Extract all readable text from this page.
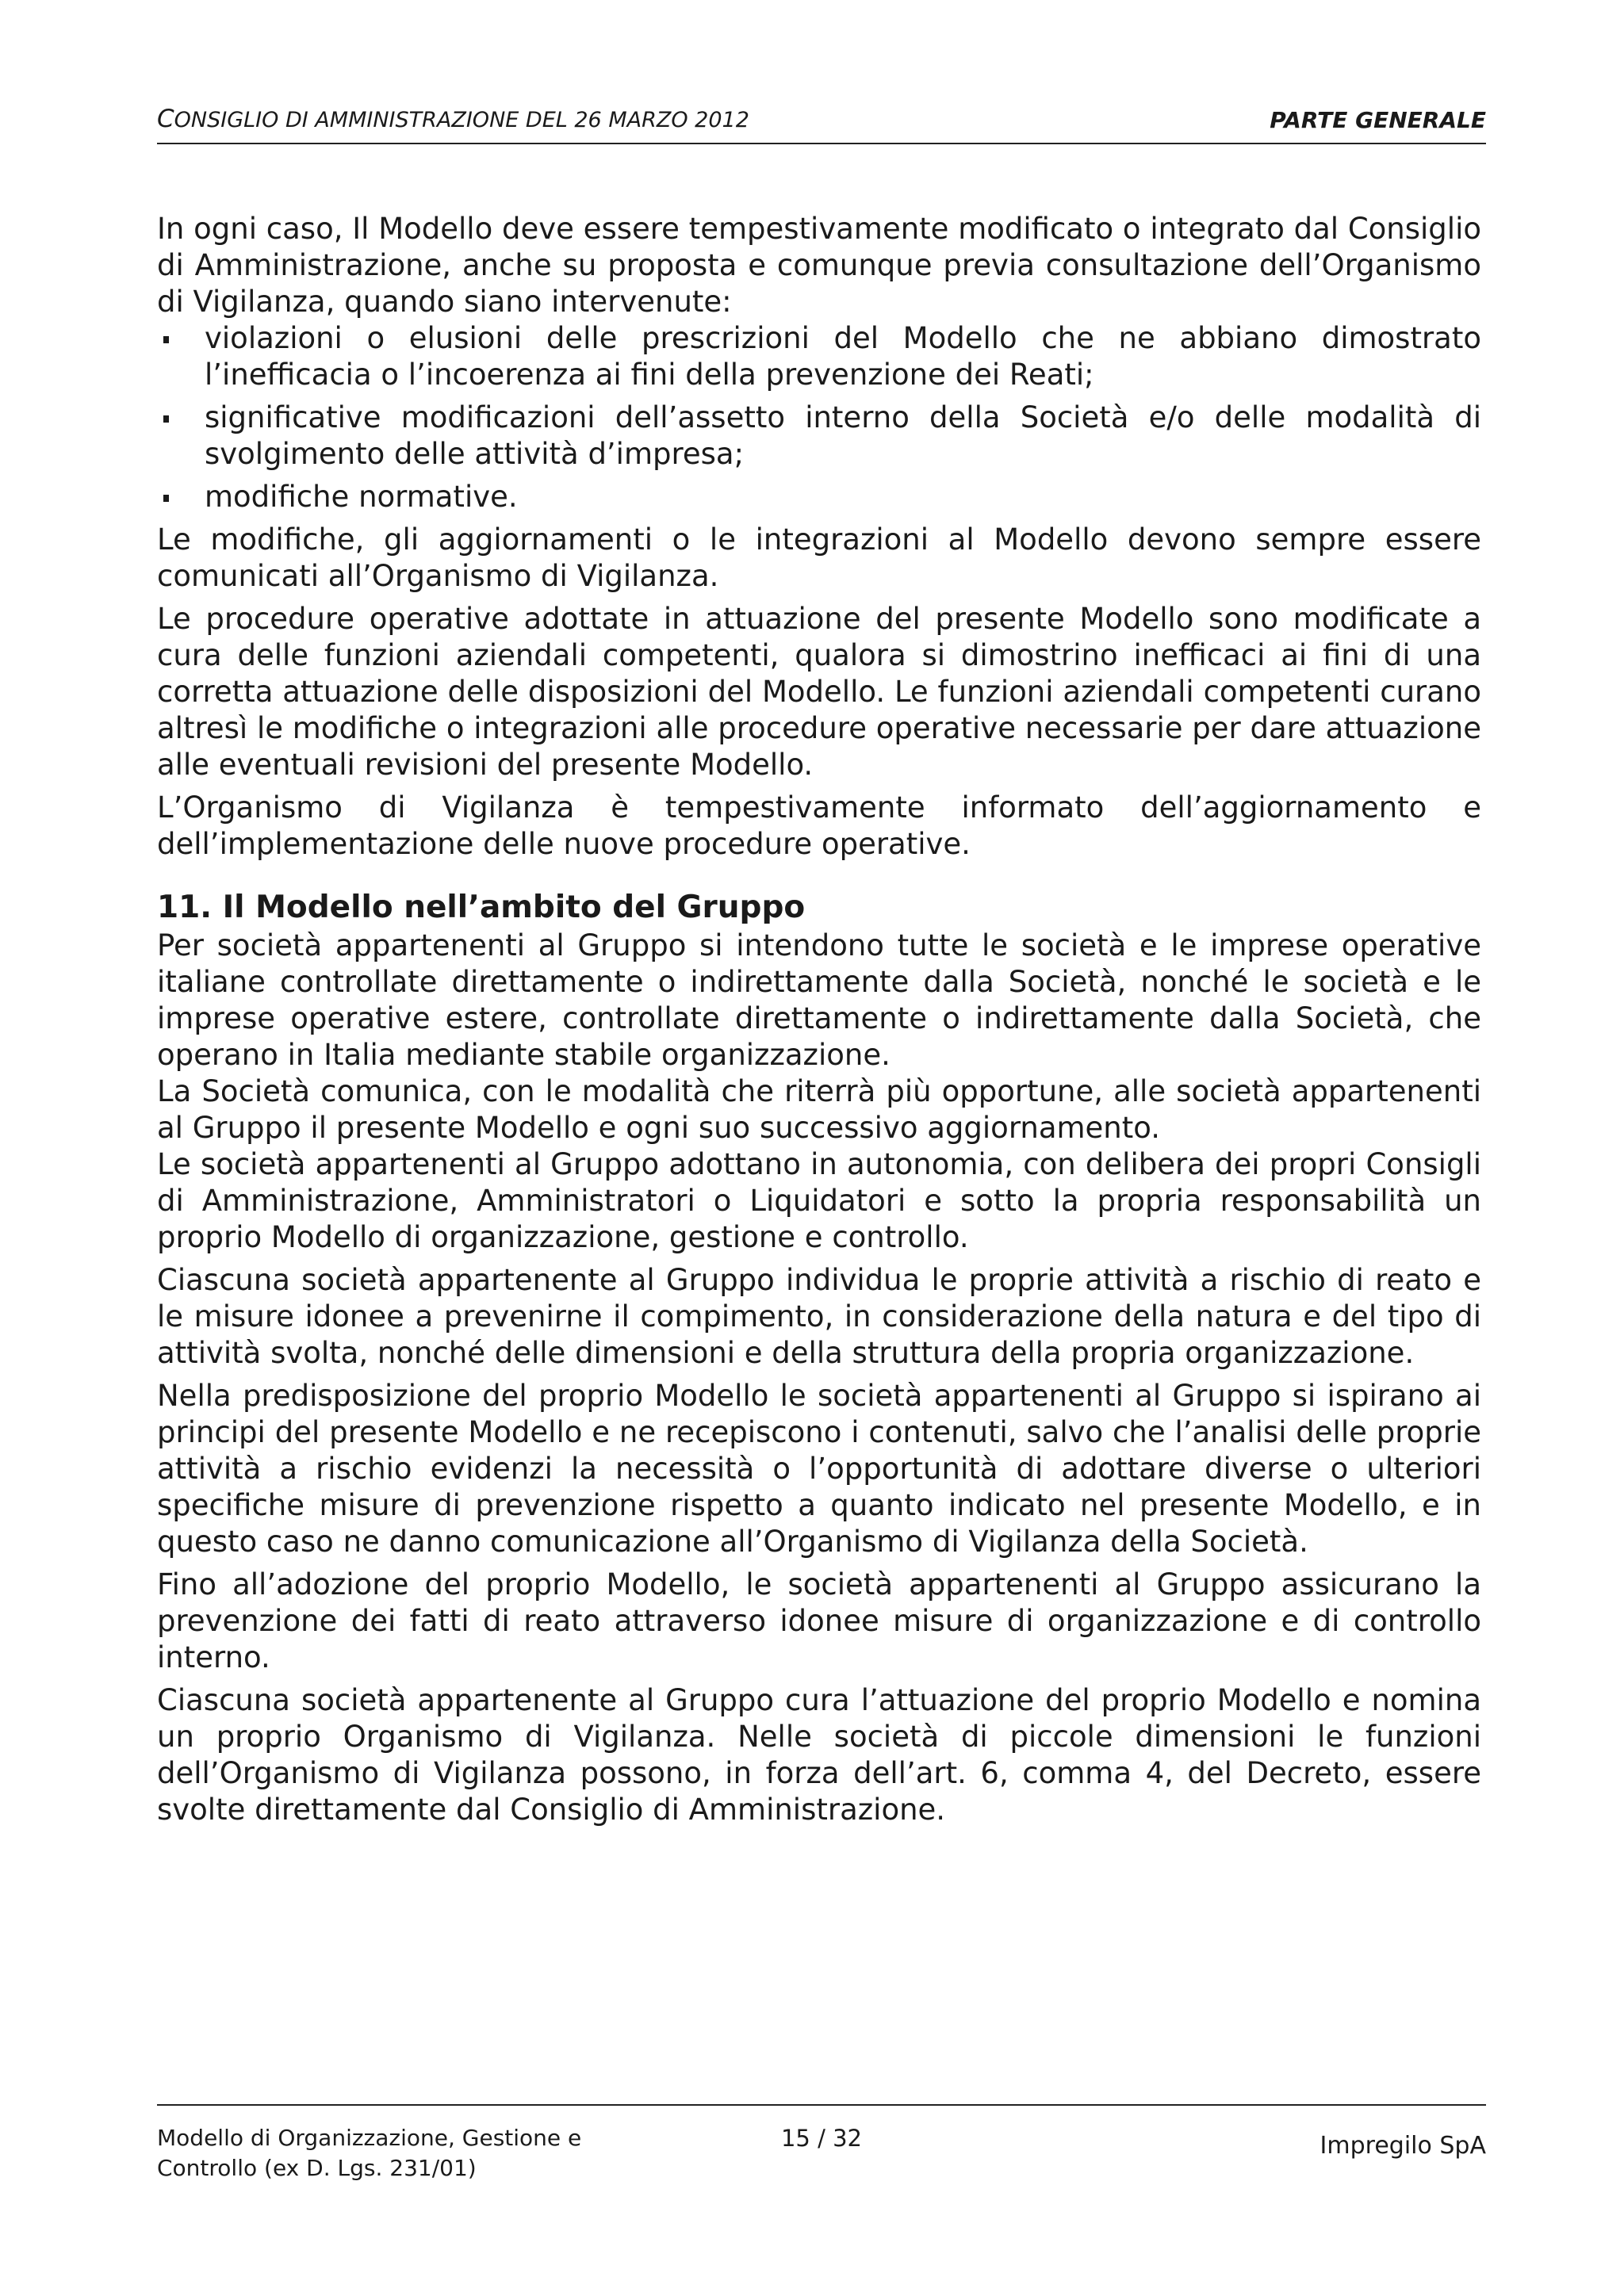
CONSIGLIO DI AMMINISTRAZIONE DEL 26 MARZO 2012	PARTE GENERALE

In ogni caso, Il Modello deve essere tempestivamente modificato o integrato dal Consiglio di Amministrazione, anche su proposta e comunque previa consultazione dell’Organismo di Vigilanza, quando siano intervenute:

violazioni o elusioni delle prescrizioni del Modello che ne abbiano dimostrato l’inefficacia o l’incoerenza ai fini della prevenzione dei Reati;
significative modificazioni dell’assetto interno della Società e/o delle modalità di svolgimento delle attività d’impresa;
modifiche normative.

Le modifiche, gli aggiornamenti o le integrazioni al Modello devono sempre essere comunicati all’Organismo di Vigilanza.

Le procedure operative adottate in attuazione del presente Modello sono modificate a cura delle funzioni aziendali competenti, qualora si dimostrino inefficaci ai fini di una corretta attuazione delle disposizioni del Modello. Le funzioni aziendali competenti curano altresì le modifiche o integrazioni alle procedure operative necessarie per dare attuazione alle eventuali revisioni del presente Modello.

L’Organismo di Vigilanza è tempestivamente informato dell’aggiornamento e dell’implementazione delle nuove procedure operative.

11. Il Modello nell’ambito del Gruppo

Per società appartenenti al Gruppo si intendono tutte le società e le imprese operative italiane controllate direttamente o indirettamente dalla Società, nonché le società e le imprese operative estere, controllate direttamente o indirettamente dalla Società, che operano in Italia mediante stabile organizzazione.

La Società comunica, con le modalità che riterrà più opportune, alle società appartenenti al Gruppo il presente Modello e ogni suo successivo aggiornamento.

Le società appartenenti al Gruppo adottano in autonomia, con delibera dei propri Consigli di Amministrazione, Amministratori o Liquidatori e sotto la propria responsabilità un proprio Modello di organizzazione, gestione e controllo.

Ciascuna società appartenente al Gruppo individua le proprie attività a rischio di reato e le misure idonee a prevenirne il compimento, in considerazione della natura e del tipo di attività svolta, nonché delle dimensioni e della struttura della propria organizzazione.

Nella predisposizione del proprio Modello le società appartenenti al Gruppo si ispirano ai principi del presente Modello e ne recepiscono i contenuti, salvo che l’analisi delle proprie attività a rischio evidenzi la necessità o l’opportunità di adottare diverse o ulteriori specifiche misure di prevenzione rispetto a quanto indicato nel presente Modello, e in questo caso ne danno comunicazione all’Organismo di Vigilanza della Società.

Fino all’adozione del proprio Modello, le società appartenenti al Gruppo assicurano la prevenzione dei fatti di reato attraverso idonee misure di organizzazione e di controllo interno.

Ciascuna società appartenente al Gruppo cura l’attuazione del proprio Modello e nomina un proprio Organismo di Vigilanza. Nelle società di piccole dimensioni le funzioni dell’Organismo di Vigilanza possono, in forza dell’art. 6, comma 4, del Decreto, essere svolte direttamente dal Consiglio di Amministrazione.

Modello di Organizzazione, Gestione e
Controllo (ex D. Lgs. 231/01)
15 / 32	Impregilo SpA
